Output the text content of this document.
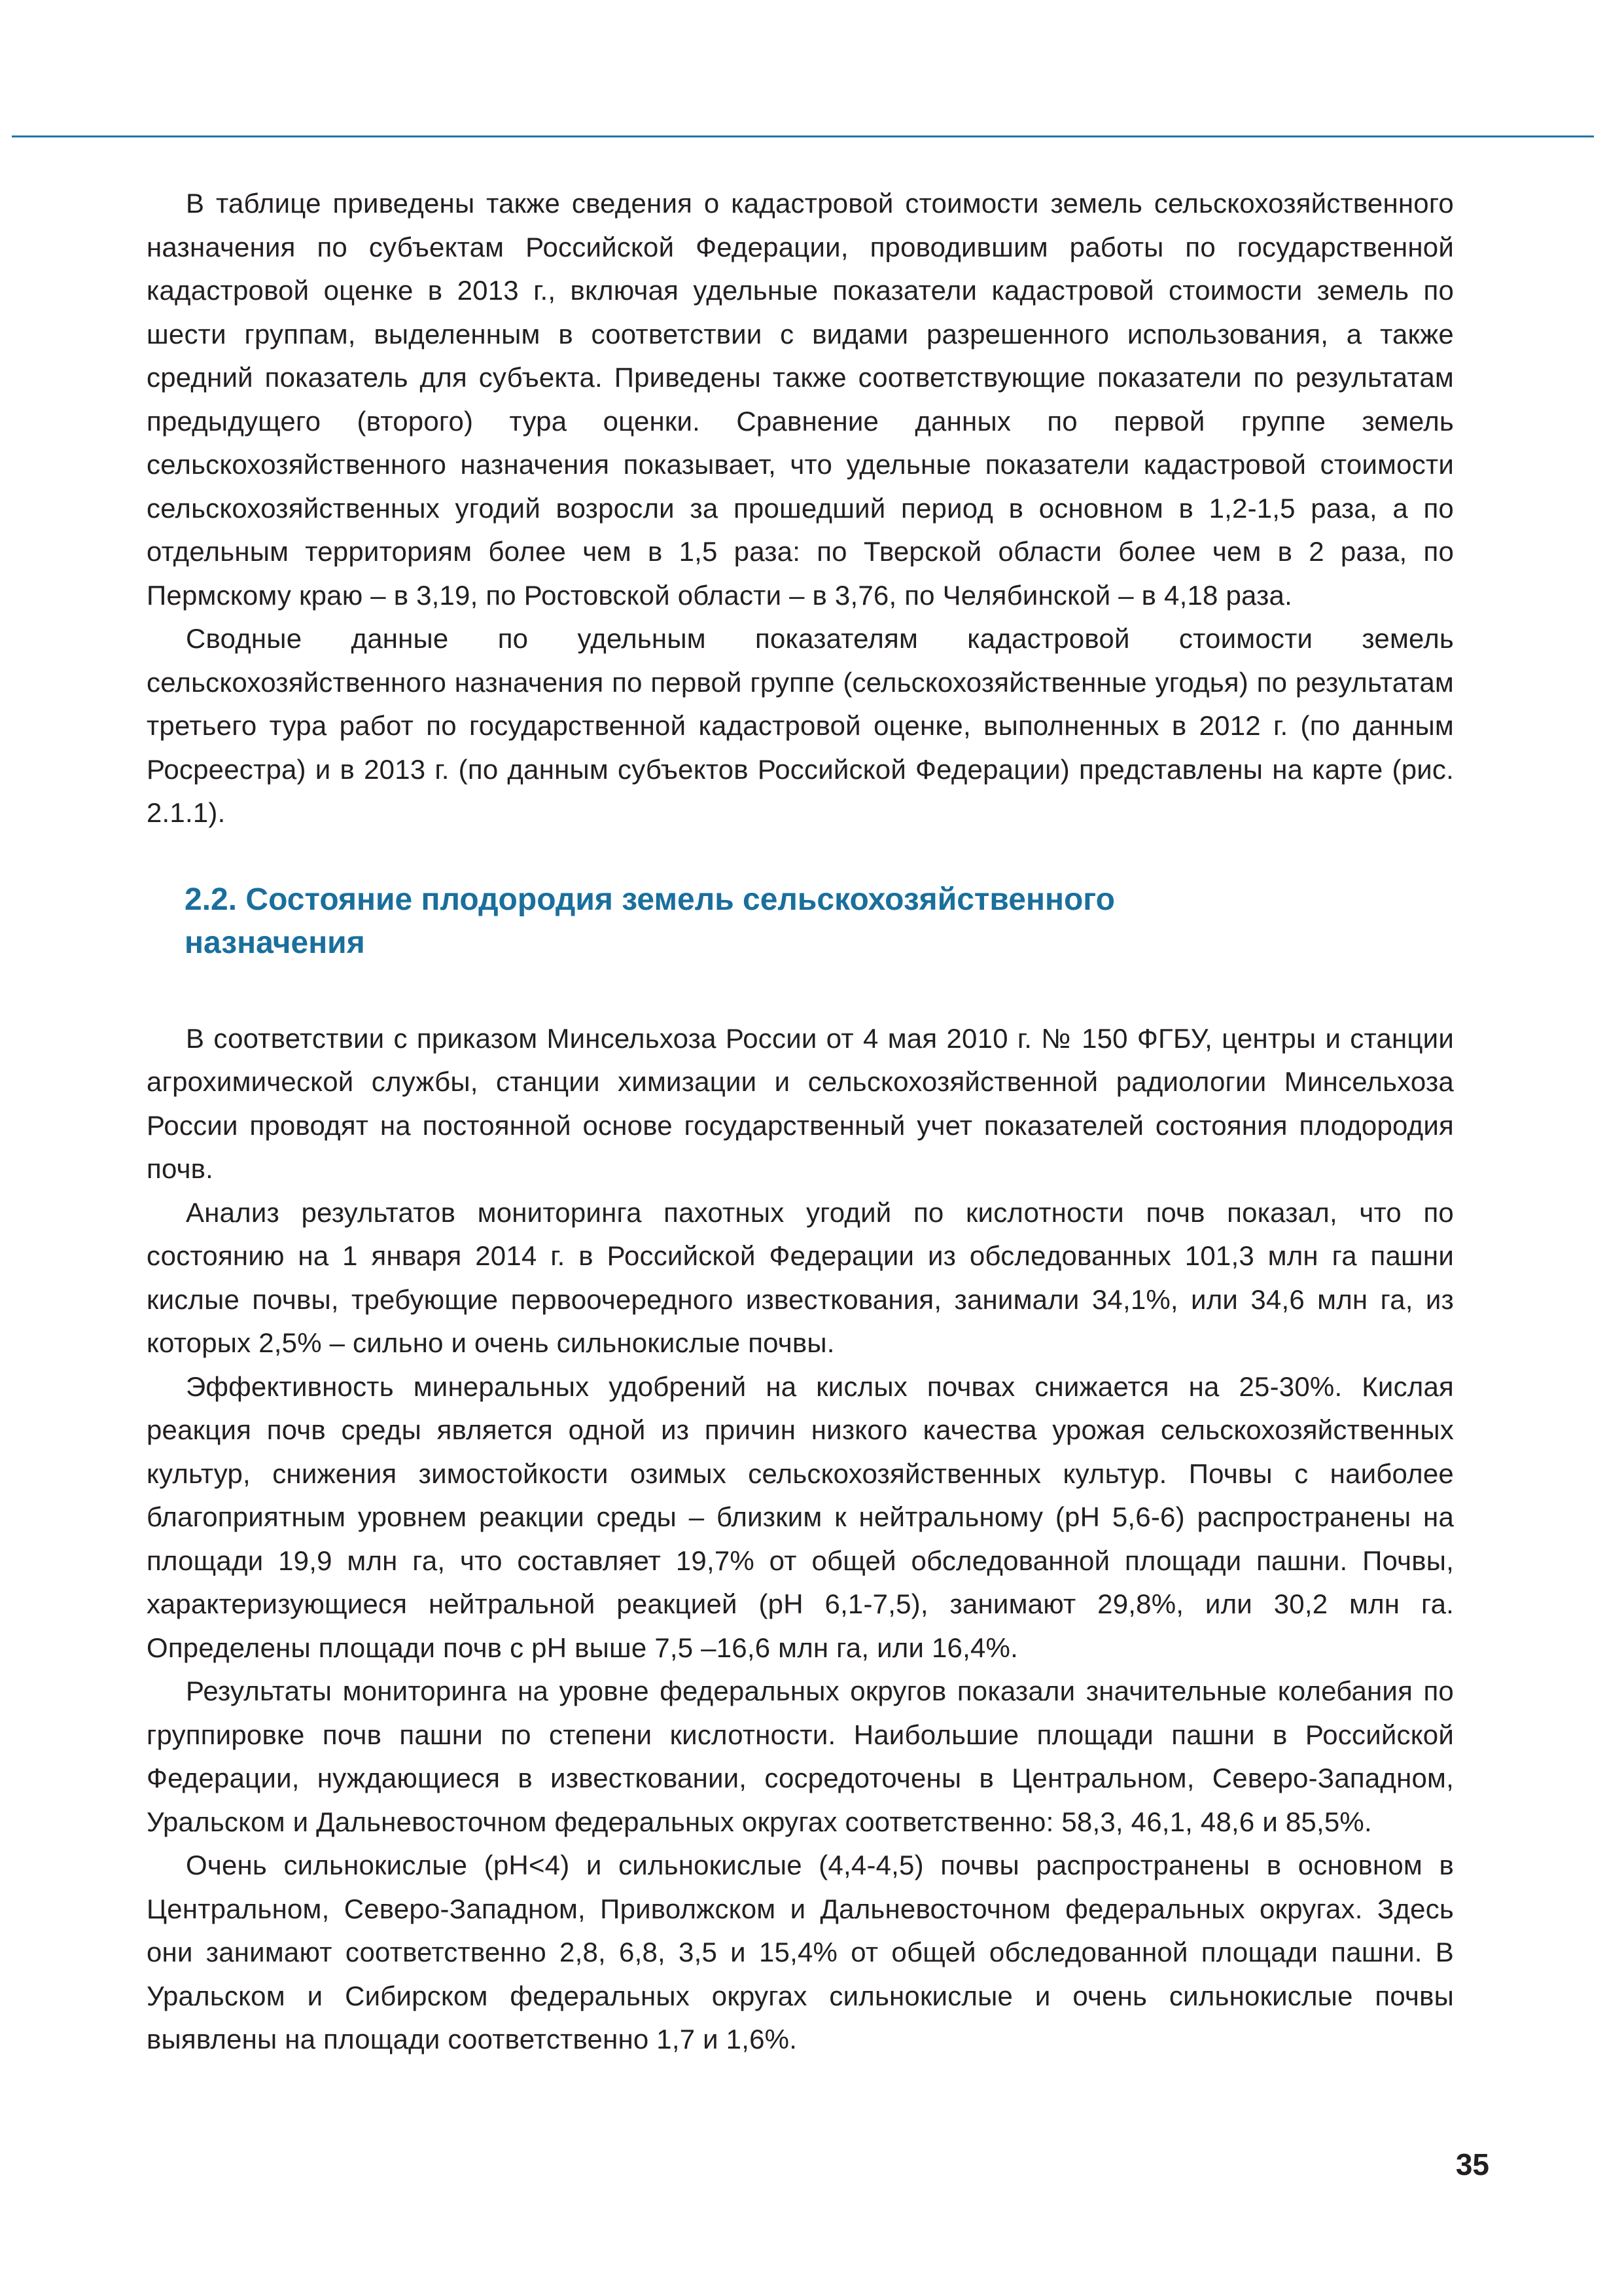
В таблице приведены также сведения о кадастровой стоимости земель сельскохозяйственного назначения по субъектам Российской Федерации, проводившим работы по государственной кадастровой оценке в 2013 г., включая удельные показатели кадастровой стоимости земель по шести группам, выделенным в соответствии с видами разрешенного использования, а также средний показатель для субъекта. Приведены также соответствующие показатели по результатам предыдущего (второго) тура оценки. Сравнение данных по первой группе земель сельскохозяйственного назначения показывает, что удельные показатели кадастровой стоимости сельскохозяйственных угодий возросли за прошедший период в основном в 1,2-1,5 раза, а по отдельным территориям более чем в 1,5 раза: по Тверской области более чем в 2 раза, по Пермскому краю – в 3,19, по Ростовской области – в 3,76, по Челябинской – в 4,18 раза.

Сводные данные по удельным показателям кадастровой стоимости земель сельскохозяйственного назначения по первой группе (сельскохозяйственные угодья) по результатам третьего тура работ по государственной кадастровой оценке, выполненных в 2012 г. (по данным Росреестра) и в 2013 г. (по данным субъектов Российской Федерации) представлены на карте (рис. 2.1.1).

2.2. Состояние плодородия земель сельскохозяйственного
назначения

В соответствии с приказом Минсельхоза России от 4 мая 2010 г. № 150 ФГБУ, центры и станции агрохимической службы, станции химизации и сельскохозяйственной радиологии Минсельхоза России проводят на постоянной основе государственный учет показателей состояния плодородия почв.

Анализ результатов мониторинга пахотных угодий по кислотности почв показал, что по состоянию на 1 января 2014 г. в Российской Федерации из обследованных 101,3 млн га пашни кислые почвы, требующие первоочередного известкования, занимали 34,1%, или 34,6 млн га, из которых 2,5% – сильно и очень сильнокислые почвы.

Эффективность минеральных удобрений на кислых почвах снижается на 25-30%. Кислая реакция почв среды является одной из причин низкого качества урожая сельскохозяйственных культур, снижения зимостойкости озимых сельскохозяйственных культур. Почвы с наиболее благоприятным уровнем реакции среды – близким к нейтральному (pH 5,6-6) распространены на площади 19,9 млн га, что составляет 19,7% от общей обследованной площади пашни. Почвы, характеризующиеся нейтральной реакцией (pH 6,1-7,5), занимают 29,8%, или 30,2 млн га. Определены площади почв с pH выше 7,5 –16,6 млн га, или 16,4%.

Результаты мониторинга на уровне федеральных округов показали значительные колебания по группировке почв пашни по степени кислотности. Наибольшие площади пашни в Российской Федерации, нуждающиеся в известковании, сосредоточены в Центральном, Северо-Западном, Уральском и Дальневосточном федеральных округах соответственно: 58,3, 46,1, 48,6 и 85,5%.

Очень сильнокислые (pH<4) и сильнокислые (4,4-4,5) почвы распространены в основном в Центральном, Северо-Западном, Приволжском и Дальневосточном федеральных округах. Здесь они занимают соответственно 2,8, 6,8, 3,5 и 15,4% от общей обследованной площади пашни. В Уральском и Сибирском федеральных округах сильнокислые и очень сильнокислые почвы выявлены на площади соответственно 1,7 и 1,6%.

35
